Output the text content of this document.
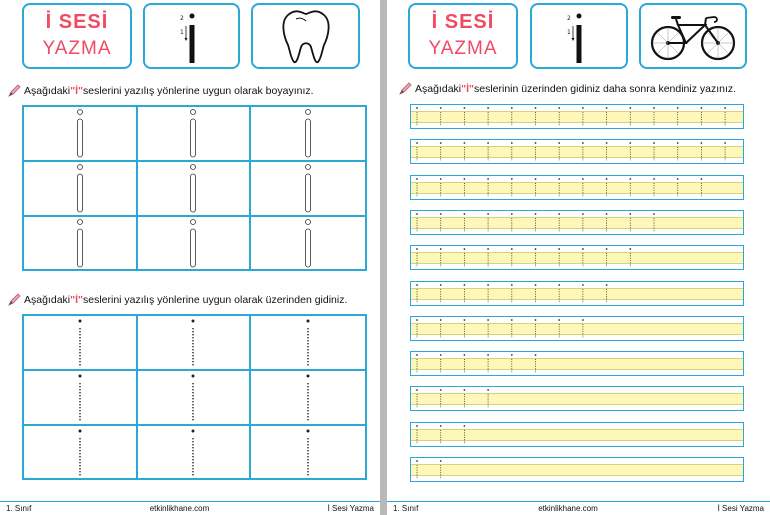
İ SESİ
YAZMA
2
1
Aşağıdaki "İ" seslerini yazılış yönlerine uygun olarak boyayınız.
Aşağıdaki "İ" seslerini yazılış yönlerine uygun olarak üzerinden gidiniz.
1. Sınıf	etkinlikhane.com	İ Sesi Yazma
İ SESİ
YAZMA
2
1
Aşağıdaki "İ" seslerinin üzerinden gidiniz daha sonra kendiniz yazınız.
1. Sınıf	etkinlikhane.com	İ Sesi Yazma
